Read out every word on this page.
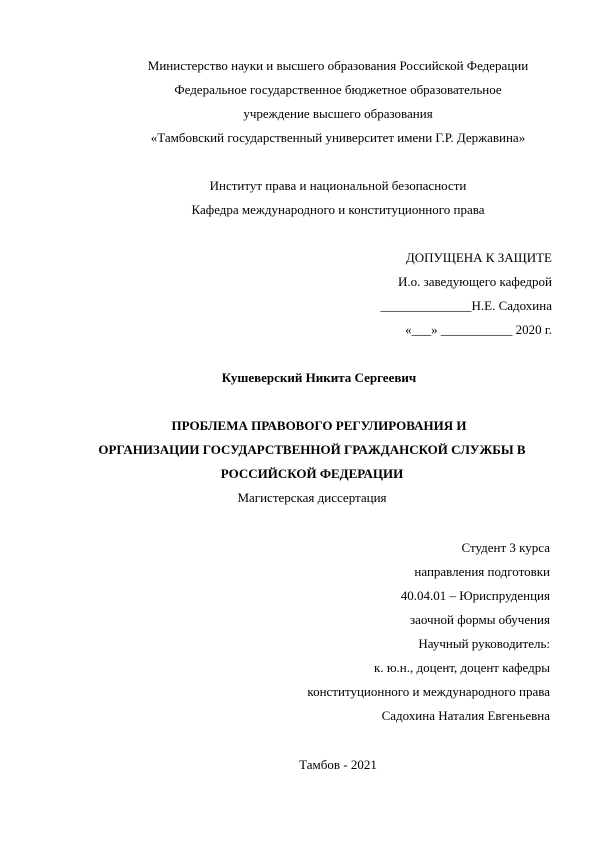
Министерство науки и высшего образования Российской Федерации
Федеральное государственное бюджетное образовательное
учреждение высшего образования
«Тамбовский государственный университет имени Г.Р. Державина»
Институт права и национальной безопасности
Кафедра международного и конституционного права
ДОПУЩЕНА К ЗАЩИТЕ
И.о. заведующего кафедрой
______________Н.Е. Садохина
«___» ___________ 2020 г.
Кушеверский Никита Сергеевич
ПРОБЛЕМА ПРАВОВОГО РЕГУЛИРОВАНИЯ И
ОРГАНИЗАЦИИ ГОСУДАРСТВЕННОЙ ГРАЖДАНСКОЙ СЛУЖБЫ В
РОССИЙСКОЙ ФЕДЕРАЦИИ
Магистерская диссертация
Студент 3 курса
направления подготовки
40.04.01 – Юриспруденция
заочной формы обучения
Научный руководитель:
к. ю.н., доцент, доцент кафедры
конституционного и международного права
Садохина Наталия Евгеньевна
Тамбов - 2021
